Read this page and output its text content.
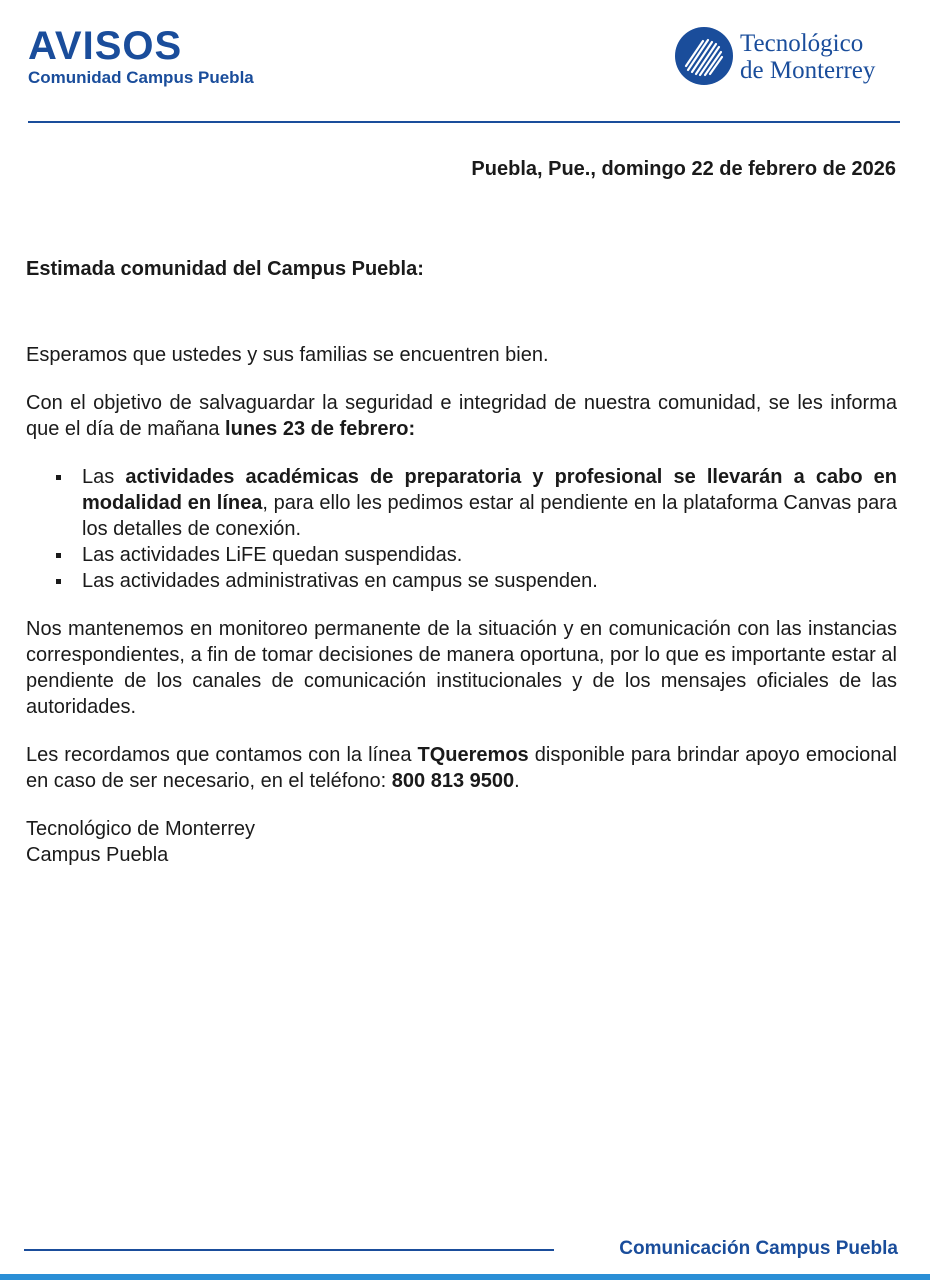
AVISOS
Comunidad Campus Puebla
Tecnológico
de Monterrey
Puebla, Pue., domingo 22 de febrero de 2026

Estimada comunidad del Campus Puebla:

Esperamos que ustedes y sus familias se encuentren bien.

Con el objetivo de salvaguardar la seguridad e integridad de nuestra comunidad, se les informa que el día de mañana lunes 23 de febrero:

Las actividades académicas de preparatoria y profesional se llevarán a cabo en modalidad en línea, para ello les pedimos estar al pendiente en la plataforma Canvas para los detalles de conexión.
Las actividades LiFE quedan suspendidas.
Las actividades administrativas en campus se suspenden.

Nos mantenemos en monitoreo permanente de la situación y en comunicación con las instancias correspondientes, a fin de tomar decisiones de manera oportuna, por lo que es importante estar al pendiente de los canales de comunicación institucionales y de los mensajes oficiales de las autoridades.

Les recordamos que contamos con la línea TQueremos disponible para brindar apoyo emocional en caso de ser necesario, en el teléfono: 800 813 9500.

Tecnológico de Monterrey
Campus Puebla

Comunicación Campus Puebla
